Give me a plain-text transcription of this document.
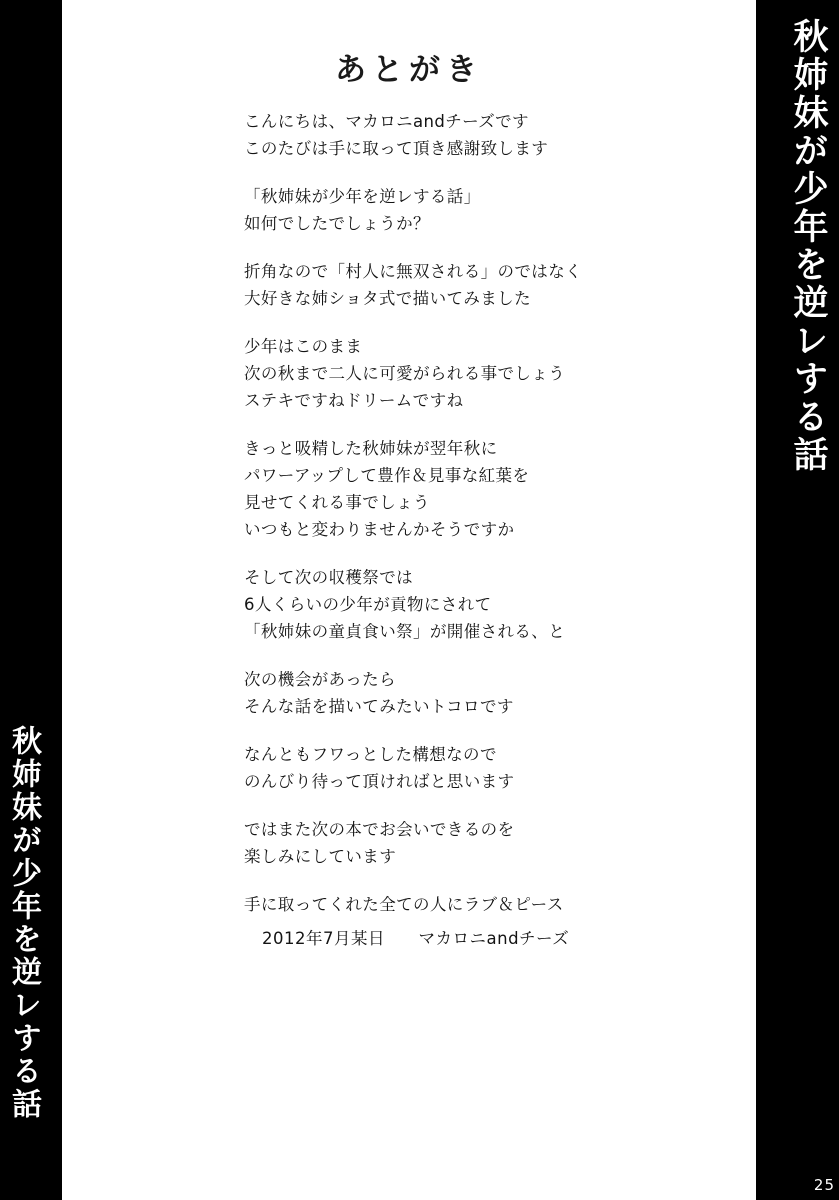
秋姉妹が少年を逆レする話
秋姉妹が少年を逆レする話
あとがき

こんにちは、マカロニandチーズです
このたびは手に取って頂き感謝致します

「秋姉妹が少年を逆レする話」
如何でしたでしょうか？

折角なので「村人に無双される」のではなく
大好きな姉ショタ式で描いてみました

少年はこのまま
次の秋まで二人に可愛がられる事でしょう
ステキですねドリームですね

きっと吸精した秋姉妹が翌年秋に
パワーアップして豊作＆見事な紅葉を
見せてくれる事でしょう
いつもと変わりませんかそうですか

そして次の収穫祭では
6人くらいの少年が貢物にされて
「秋姉妹の童貞食い祭」が開催される、と

次の機会があったら
そんな話を描いてみたいトコロです

なんともフワっとした構想なので
のんびり待って頂ければと思います

ではまた次の本でお会いできるのを
楽しみにしています

手に取ってくれた全ての人にラブ＆ピース

2012年7月某日 マカロニandチーズ
25
